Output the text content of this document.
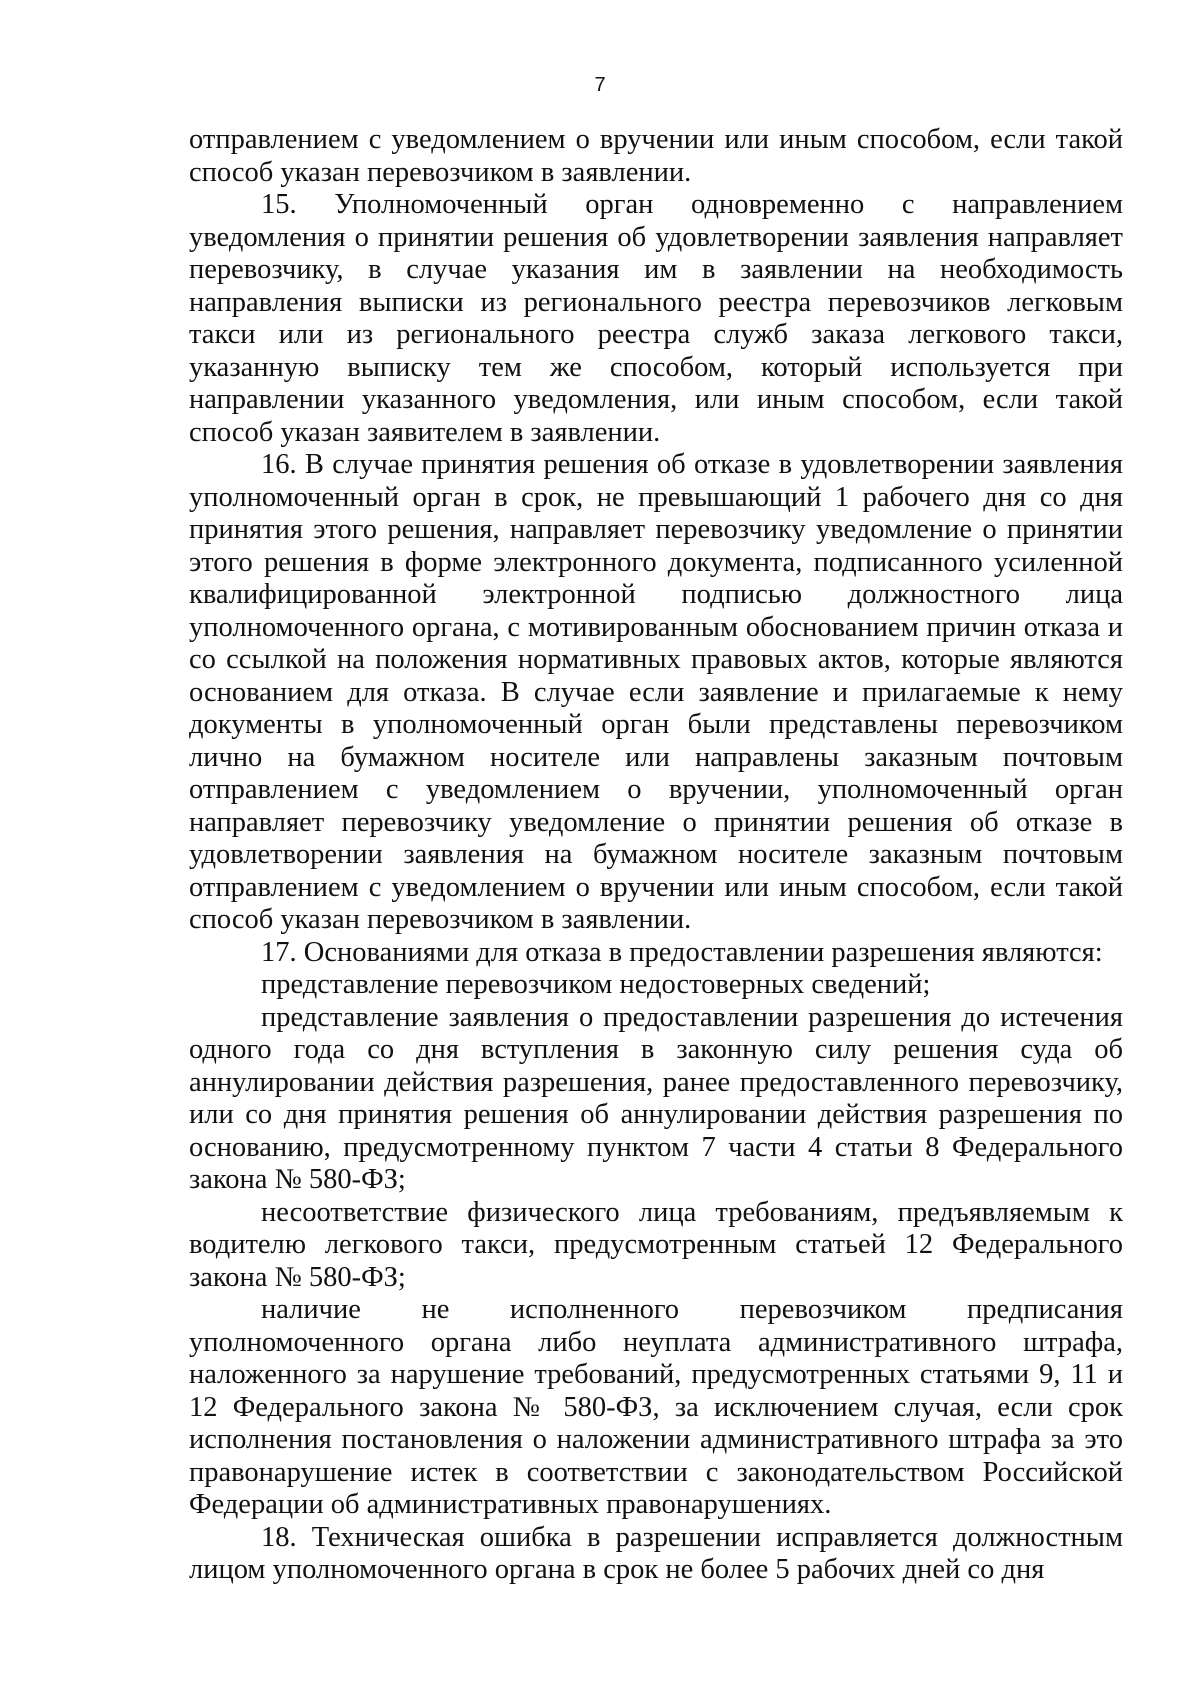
7

отправлением с уведомлением о вручении или иным способом, если такой способ указан перевозчиком в заявлении.

15. Уполномоченный орган одновременно с направлением уведомления о принятии решения об удовлетворении заявления направляет перевозчику, в случае указания им в заявлении на необходимость направления выписки из регионального реестра перевозчиков легковым такси или из регионального реестра служб заказа легкового такси, указанную выписку тем же способом, который используется при направлении указанного уведомления, или иным способом, если такой способ указан заявителем в заявлении.

16. В случае принятия решения об отказе в удовлетворении заявления уполномоченный орган в срок, не превышающий 1 рабочего дня со дня принятия этого решения, направляет перевозчику уведомление о принятии этого решения в форме электронного документа, подписанного усиленной квалифицированной электронной подписью должностного лица уполномоченного органа, с мотивированным обоснованием причин отказа и со ссылкой на положения нормативных правовых актов, которые являются основанием для отказа. В случае если заявление и прилагаемые к нему документы в уполномоченный орган были представлены перевозчиком лично на бумажном носителе или направлены заказным почтовым отправлением с уведомлением о вручении, уполномоченный орган направляет перевозчику уведомление о принятии решения об отказе в удовлетворении заявления на бумажном носителе заказным почтовым отправлением с уведомлением о вручении или иным способом, если такой способ указан перевозчиком в заявлении.

17. Основаниями для отказа в предоставлении разрешения являются:

представление перевозчиком недостоверных сведений;

представление заявления о предоставлении разрешения до истечения одного года со дня вступления в законную силу решения суда об аннулировании действия разрешения, ранее предоставленного перевозчику, или со дня принятия решения об аннулировании действия разрешения по основанию, предусмотренному пунктом 7 части 4 статьи 8 Федерального закона № 580-ФЗ;

несоответствие физического лица требованиям, предъявляемым к водителю легкового такси, предусмотренным статьей 12 Федерального закона № 580-ФЗ;

наличие не исполненного перевозчиком предписания уполномоченного органа либо неуплата административного штрафа, наложенного за нарушение требований, предусмотренных статьями 9, 11 и 12 Федерального закона № 580-ФЗ, за исключением случая, если срок исполнения постановления о наложении административного штрафа за это правонарушение истек в соответствии с законодательством Российской Федерации об административных правонарушениях.

18. Техническая ошибка в разрешении исправляется должностным лицом уполномоченного органа в срок не более 5 рабочих дней со дня
